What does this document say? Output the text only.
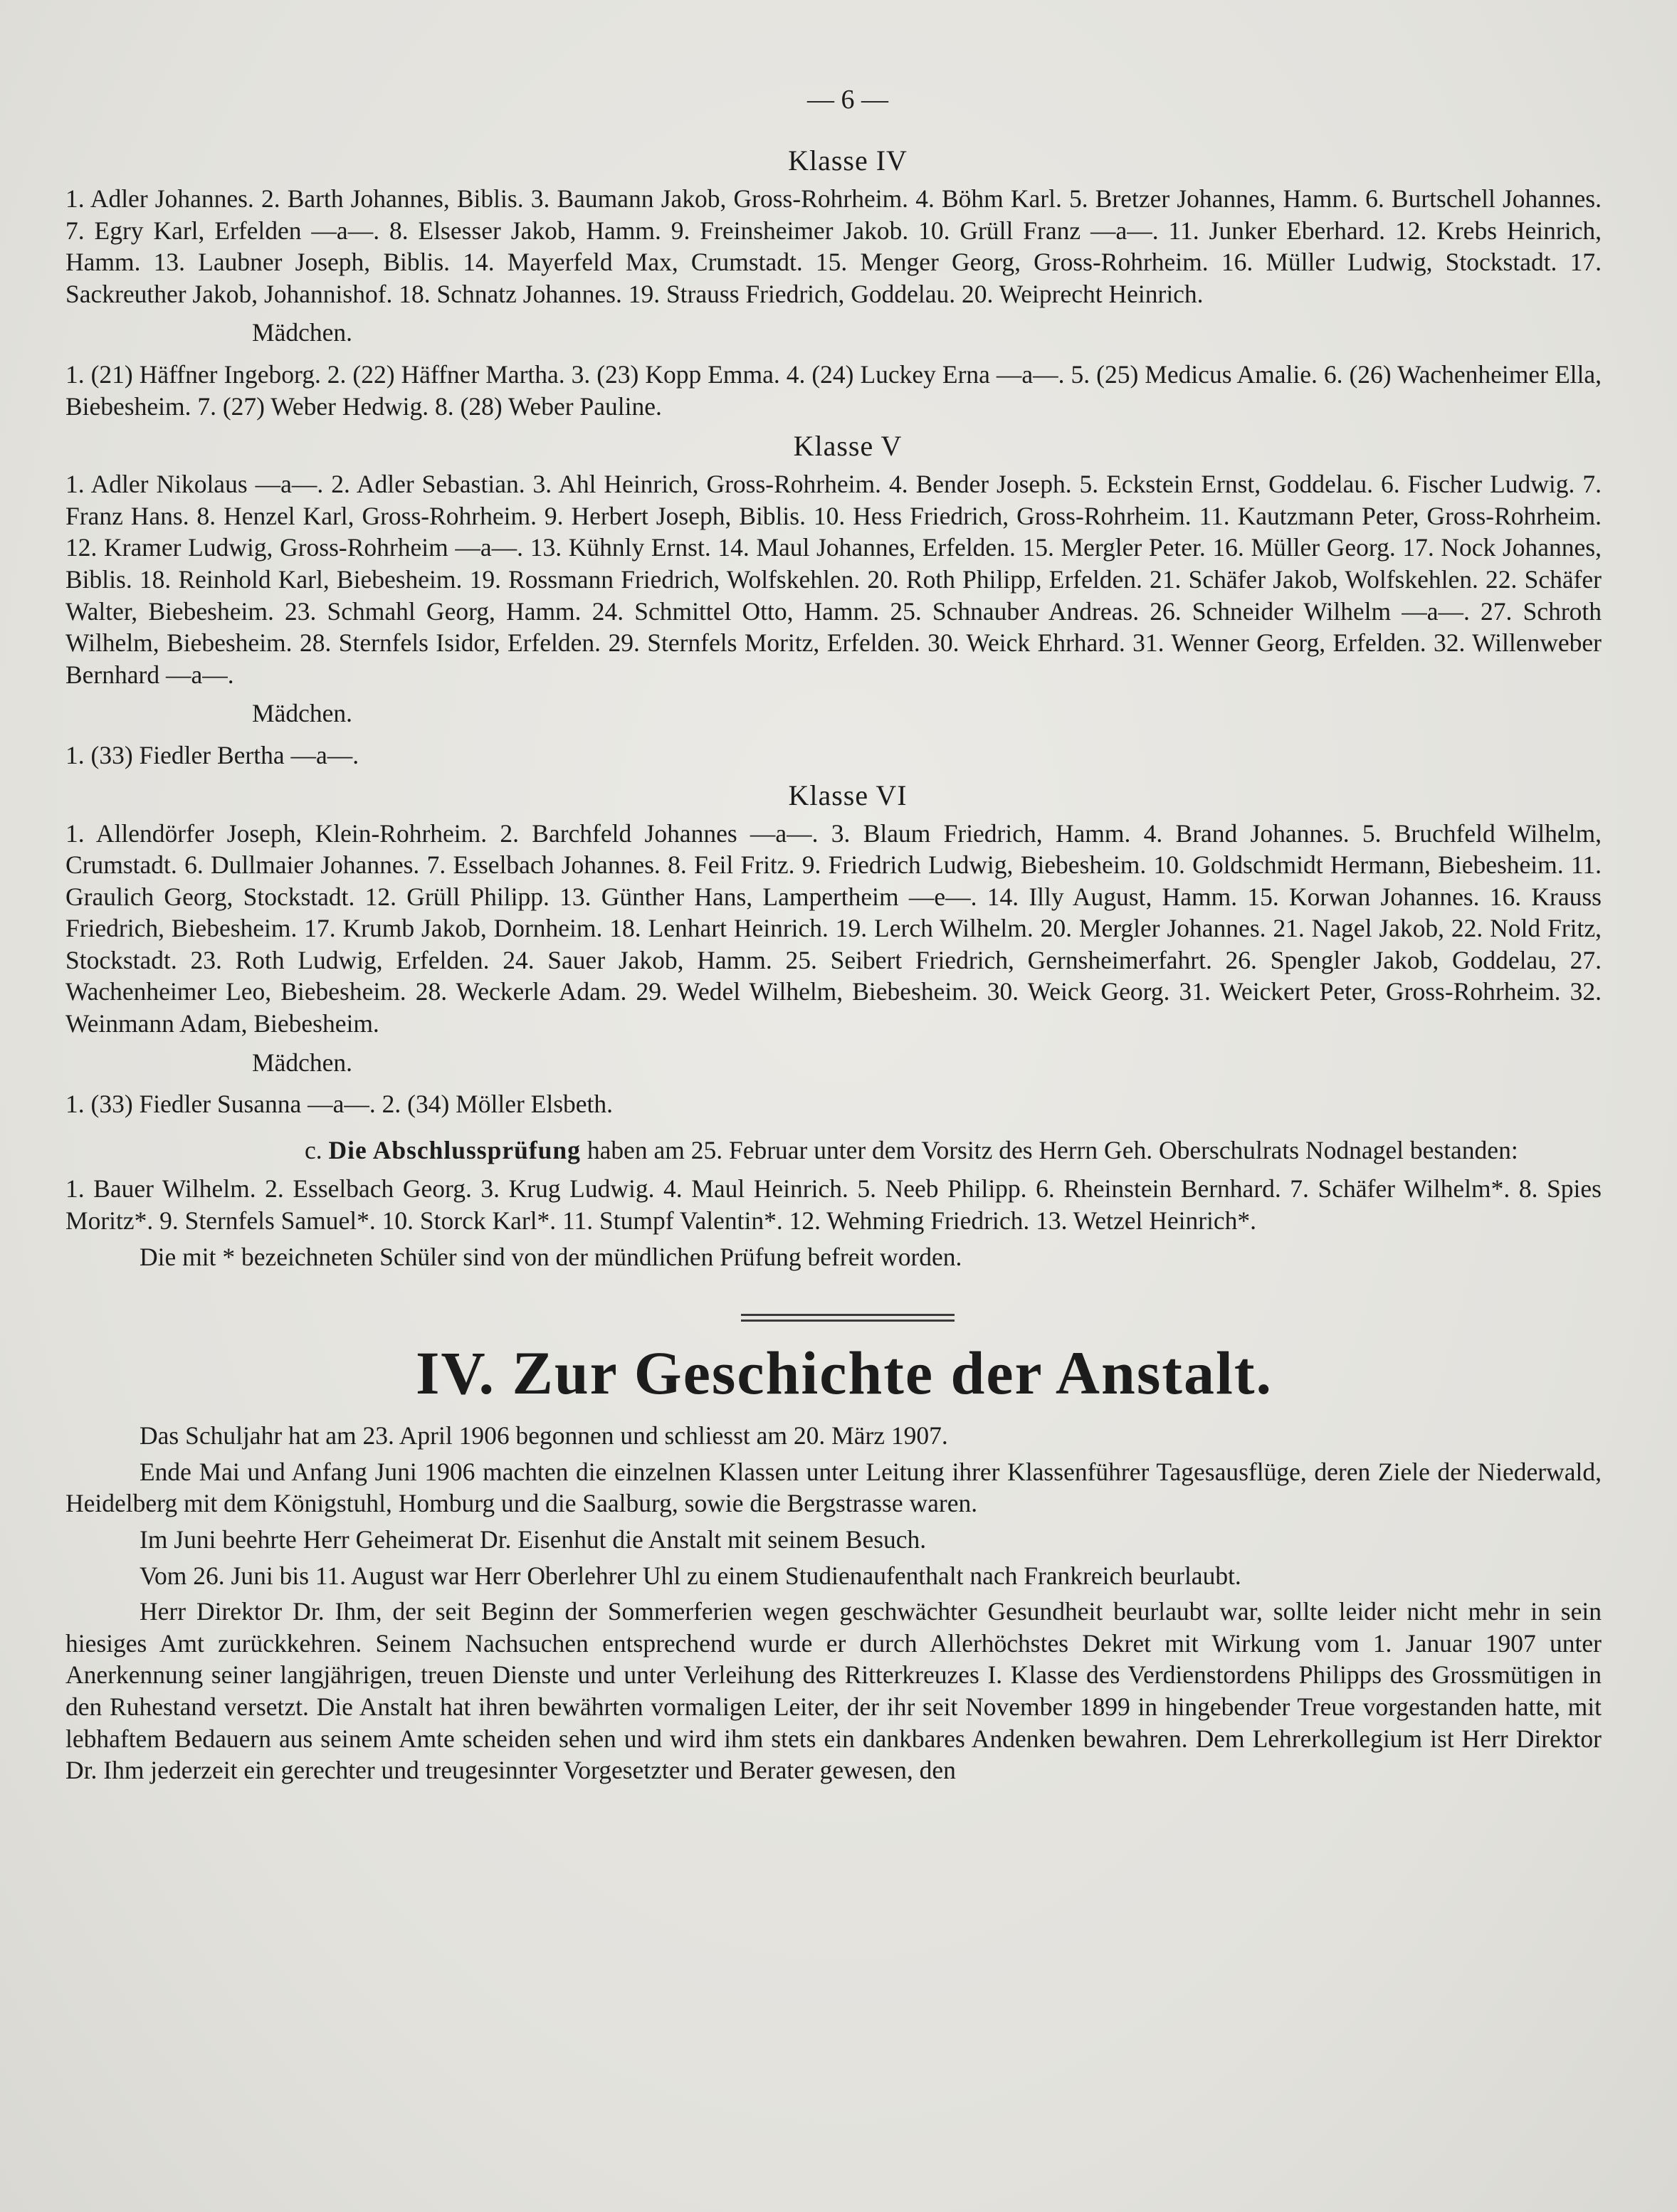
— 6 —
Klasse IV

1. Adler Johannes. 2. Barth Johannes, Biblis. 3. Baumann Jakob, Gross-Rohrheim. 4. Böhm Karl. 5. Bretzer Johannes, Hamm. 6. Burtschell Johannes. 7. Egry Karl, Erfelden —a—. 8. Elsesser Jakob, Hamm. 9. Freinsheimer Jakob. 10. Grüll Franz —a—. 11. Junker Eberhard. 12. Krebs Heinrich, Hamm. 13. Laubner Joseph, Biblis. 14. Mayerfeld Max, Crumstadt. 15. Menger Georg, Gross-Rohrheim. 16. Müller Ludwig, Stockstadt. 17. Sackreuther Jakob, Johannishof. 18. Schnatz Johannes. 19. Strauss Friedrich, Goddelau. 20. Weiprecht Heinrich.

Mädchen.

1. (21) Häffner Ingeborg. 2. (22) Häffner Martha. 3. (23) Kopp Emma. 4. (24) Luckey Erna —a—. 5. (25) Medicus Amalie. 6. (26) Wachenheimer Ella, Biebesheim. 7. (27) Weber Hedwig. 8. (28) Weber Pauline.

Klasse V

1. Adler Nikolaus —a—. 2. Adler Sebastian. 3. Ahl Heinrich, Gross-Rohrheim. 4. Bender Joseph. 5. Eckstein Ernst, Goddelau. 6. Fischer Ludwig. 7. Franz Hans. 8. Henzel Karl, Gross-Rohrheim. 9. Herbert Joseph, Biblis. 10. Hess Friedrich, Gross-Rohrheim. 11. Kautzmann Peter, Gross-Rohrheim. 12. Kramer Ludwig, Gross-Rohrheim —a—. 13. Kühnly Ernst. 14. Maul Johannes, Erfelden. 15. Mergler Peter. 16. Müller Georg. 17. Nock Johannes, Biblis. 18. Reinhold Karl, Biebesheim. 19. Rossmann Friedrich, Wolfskehlen. 20. Roth Philipp, Erfelden. 21. Schäfer Jakob, Wolfskehlen. 22. Schäfer Walter, Biebesheim. 23. Schmahl Georg, Hamm. 24. Schmittel Otto, Hamm. 25. Schnauber Andreas. 26. Schneider Wilhelm —a—. 27. Schroth Wilhelm, Biebesheim. 28. Sternfels Isidor, Erfelden. 29. Sternfels Moritz, Erfelden. 30. Weick Ehrhard. 31. Wenner Georg, Erfelden. 32. Willenweber Bernhard —a—.

Mädchen.

1. (33) Fiedler Bertha —a—.

Klasse VI

1. Allendörfer Joseph, Klein-Rohrheim. 2. Barchfeld Johannes —a—. 3. Blaum Friedrich, Hamm. 4. Brand Johannes. 5. Bruchfeld Wilhelm, Crumstadt. 6. Dullmaier Johannes. 7. Esselbach Johannes. 8. Feil Fritz. 9. Friedrich Ludwig, Biebesheim. 10. Goldschmidt Hermann, Biebesheim. 11. Graulich Georg, Stockstadt. 12. Grüll Philipp. 13. Günther Hans, Lampertheim —e—. 14. Illy August, Hamm. 15. Korwan Johannes. 16. Krauss Friedrich, Biebesheim. 17. Krumb Jakob, Dornheim. 18. Lenhart Heinrich. 19. Lerch Wilhelm. 20. Mergler Johannes. 21. Nagel Jakob, 22. Nold Fritz, Stockstadt. 23. Roth Ludwig, Erfelden. 24. Sauer Jakob, Hamm. 25. Seibert Friedrich, Gernsheimerfahrt. 26. Spengler Jakob, Goddelau, 27. Wachenheimer Leo, Biebesheim. 28. Weckerle Adam. 29. Wedel Wilhelm, Biebesheim. 30. Weick Georg. 31. Weickert Peter, Gross-Rohrheim. 32. Weinmann Adam, Biebesheim.

Mädchen.

1. (33) Fiedler Susanna —a—. 2. (34) Möller Elsbeth.

c. Die Abschlussprüfung haben am 25. Februar unter dem Vorsitz des Herrn Geh. Oberschulrats Nodnagel bestanden:

1. Bauer Wilhelm. 2. Esselbach Georg. 3. Krug Ludwig. 4. Maul Heinrich. 5. Neeb Philipp. 6. Rheinstein Bernhard. 7. Schäfer Wilhelm*. 8. Spies Moritz*. 9. Sternfels Samuel*. 10. Storck Karl*. 11. Stumpf Valentin*. 12. Wehming Friedrich. 13. Wetzel Heinrich*.

Die mit * bezeichneten Schüler sind von der mündlichen Prüfung befreit worden.

IV. Zur Geschichte der Anstalt.

Das Schuljahr hat am 23. April 1906 begonnen und schliesst am 20. März 1907.

Ende Mai und Anfang Juni 1906 machten die einzelnen Klassen unter Leitung ihrer Klassenführer Tagesausflüge, deren Ziele der Niederwald, Heidelberg mit dem Königstuhl, Homburg und die Saalburg, sowie die Bergstrasse waren.

Im Juni beehrte Herr Geheimerat Dr. Eisenhut die Anstalt mit seinem Besuch.

Vom 26. Juni bis 11. August war Herr Oberlehrer Uhl zu einem Studienaufenthalt nach Frankreich beurlaubt.

Herr Direktor Dr. Ihm, der seit Beginn der Sommerferien wegen geschwächter Gesundheit beurlaubt war, sollte leider nicht mehr in sein hiesiges Amt zurückkehren. Seinem Nachsuchen entsprechend wurde er durch Allerhöchstes Dekret mit Wirkung vom 1. Januar 1907 unter Anerkennung seiner langjährigen, treuen Dienste und unter Verleihung des Ritterkreuzes I. Klasse des Verdienstordens Philipps des Grossmütigen in den Ruhestand versetzt. Die Anstalt hat ihren bewährten vormaligen Leiter, der ihr seit November 1899 in hingebender Treue vorgestanden hatte, mit lebhaftem Bedauern aus seinem Amte scheiden sehen und wird ihm stets ein dankbares Andenken bewahren. Dem Lehrerkollegium ist Herr Direktor Dr. Ihm jederzeit ein gerechter und treugesinnter Vorgesetzter und Berater gewesen, den
